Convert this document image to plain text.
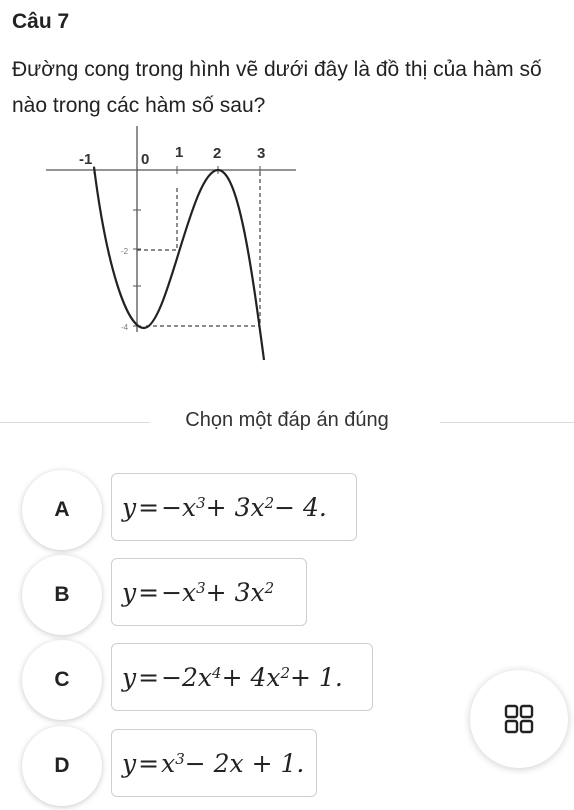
Câu 7
Đường cong trong hình vẽ dưới đây là đồ thị của hàm số nào trong các hàm số sau?
-1	0 1 2 3
-2
-4
Chọn một đáp án đúng
A $y = -x^3 + 3x^2 - 4$.
B $y = -x^3 + 3x^2$
C $y = -2x^4 + 4x^2 + 1$.
D $y = x^3 - 2x + 1$.
